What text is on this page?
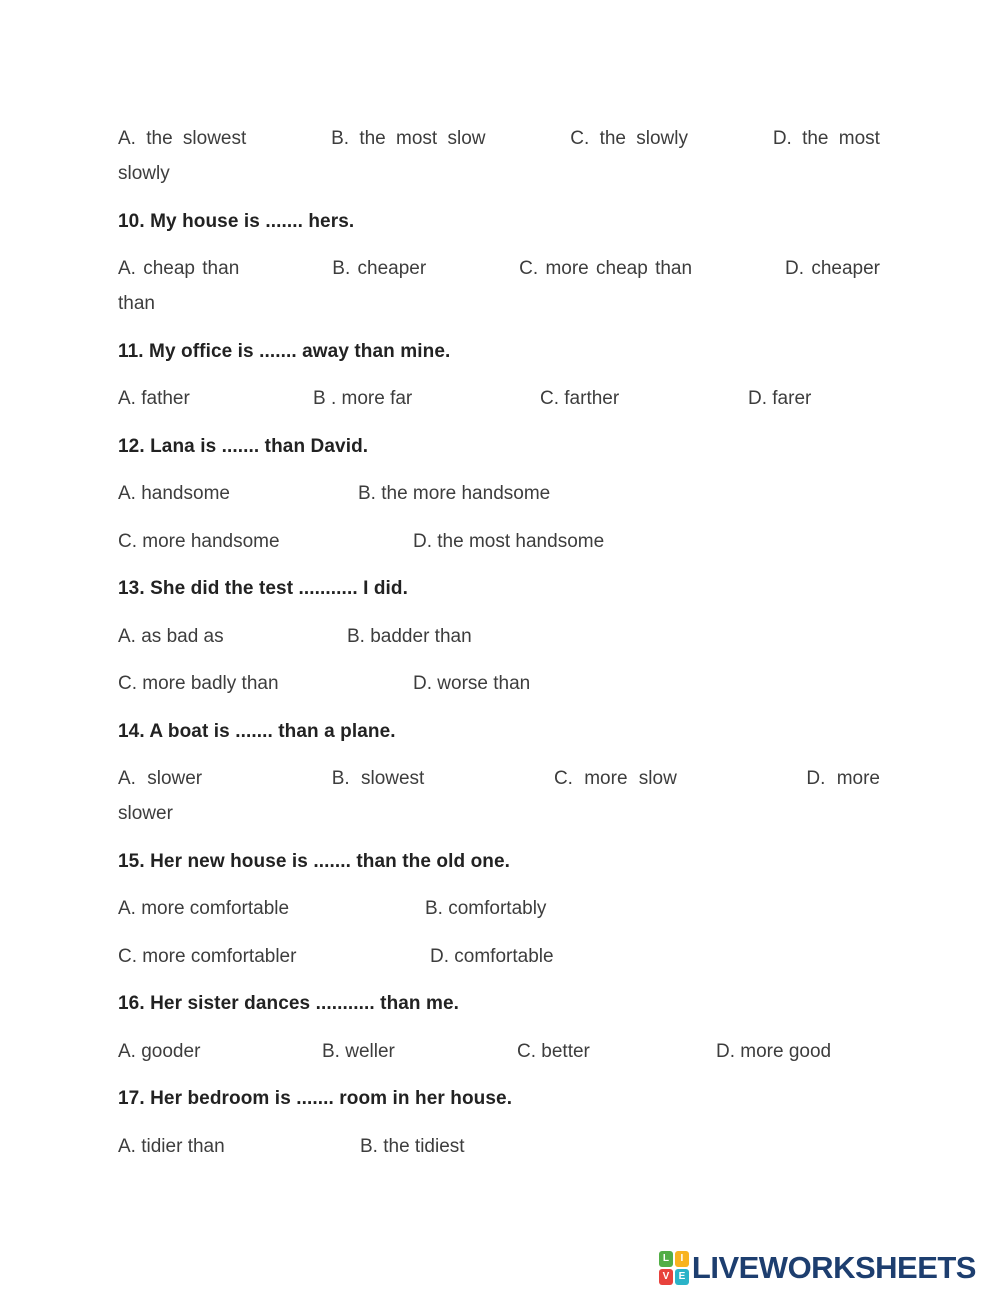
A. the slowest	B. the most slow	C. the slowly	D. the most
slowly
10. My house is ....... hers.
A. cheap than	B. cheaper	C. more cheap than	D. cheaper
than
11. My office is ....... away than mine.
A. father	B . more far	C. farther	D. farer
12. Lana is ....... than David.
A. handsome	B. the more handsome
C. more handsome	D. the most handsome
13. She did the test ........... I did.
A. as bad as	B. badder than
C. more badly than	D. worse than
14. A boat is ....... than a plane.
A. slower	B. slowest	C. more slow	D. more
slower
15. Her new house is ....... than the old one.
A. more comfortable	B. comfortably
C. more comfortabler	D. comfortable
16. Her sister dances ........... than me.
A. gooder	B. weller	C. better	D. more good
17. Her bedroom is ....... room in her house.
A. tidier than	B. the tidiest
L	I
V E LIVEWORKSHEETS
